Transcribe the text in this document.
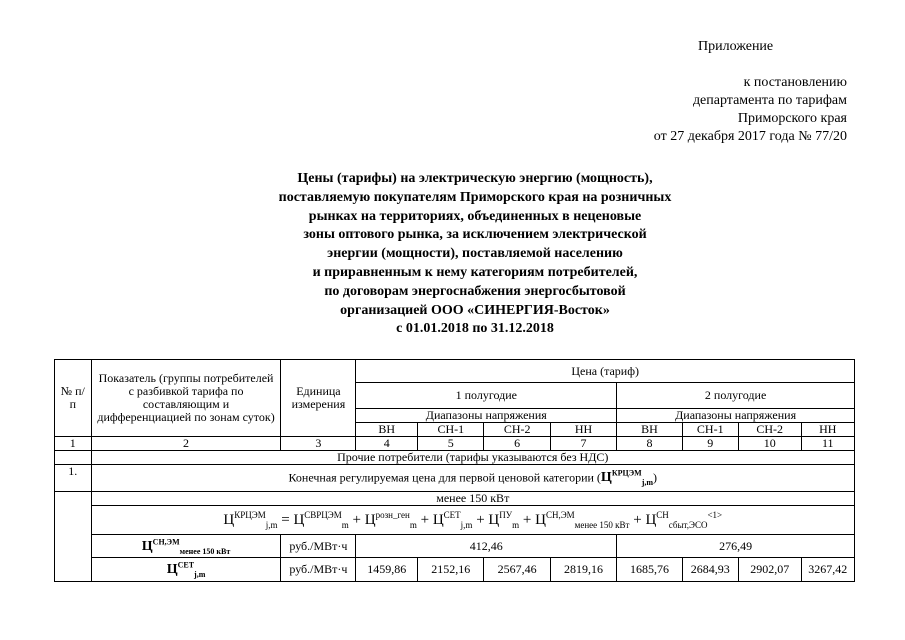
Приложение
к постановлению
департамента по тарифам
Приморского края
от 27 декабря 2017 года № 77/20
Цены (тарифы) на электрическую энергию (мощность),
поставляемую покупателям Приморского края на розничных
рынках на территориях, объединенных в неценовые
зоны оптового рынка, за исключением электрической
энергии (мощности), поставляемой населению
и приравненным к нему категориям потребителей,
по договорам энергоснабжения энергосбытовой
организацией ООО «СИНЕРГИЯ-Восток»
с 01.01.2018 по 31.12.2018
№ п/п	Показатель (группы потребителей с разбивкой тарифа по составляющим и дифференциацией по зонам суток)	Единица измерения	Цена (тариф)							
			1 полугодие				2 полугодие			
			Диапазоны напряжения				Диапазоны напряжения			
			ВН	СН-1	СН-2	НН	ВН	СН-1	СН-2	НН
1	2	3	4	5	6	7	8	9	10	11
	Прочие потребители (тарифы указываются без НДС)									
1.	Конечная регулируемая цена для первой ценовой категории $(Ц^{КРЦЭМ}_{j,m})$									
	менее 150 кВт									
	$Ц^{КРЦЭМ}_{j,m} = Ц^{СВРЦЭМ}_m + Ц^{розн\_ген}_m + Ц^{СЕТ}_{j,m} + Ц^{ПУ}_m + Ц^{СН,ЭМ}_{менее 150 кВт} + Ц^{СН}_{сбыт,ЭСО}^{<1>}$
	$Ц^{СН,ЭМ}_{менее 150 кВт}$	руб./МВт·ч	412,46				276,49			
	$Ц^{СЕТ}_{j,m}$	руб./МВт·ч	1459,86	2152,16	2567,46	2819,16	1685,76	2684,93	2902,07	3267,42
